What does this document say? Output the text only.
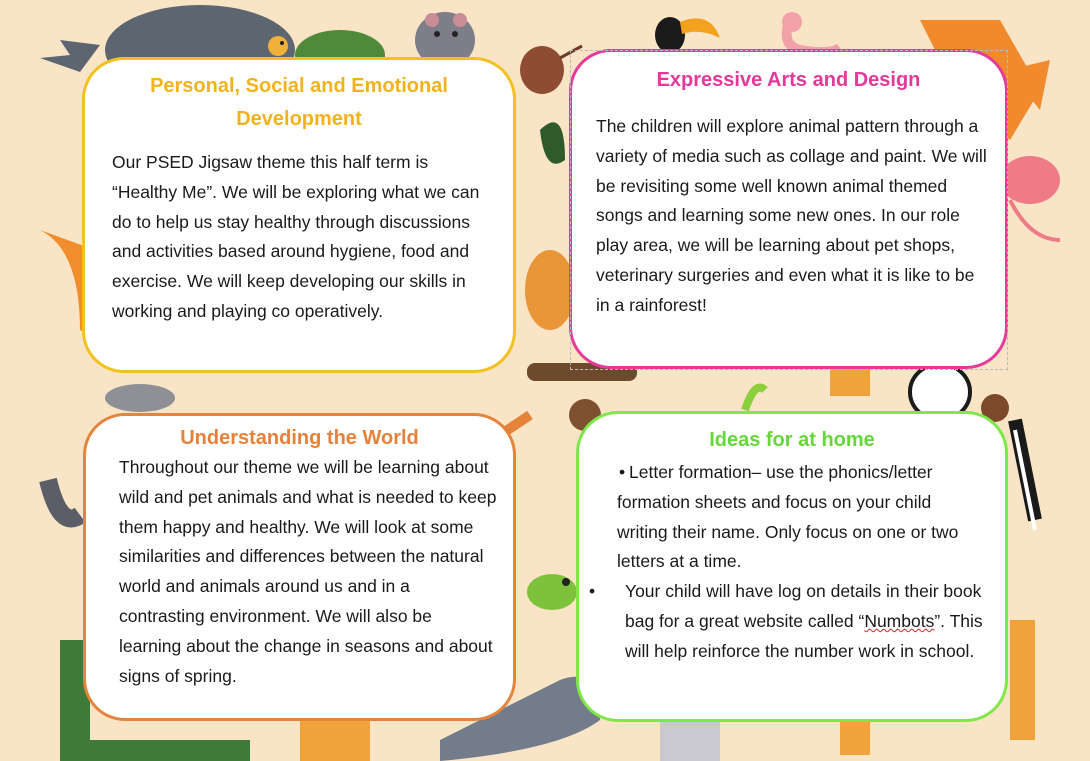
Personal, Social and Emotional Development

Our PSED Jigsaw theme this half term is “Healthy Me”. We will be exploring what we can do to help us stay healthy through discussions and activities based around hygiene, food and exercise. We will keep developing our skills in working and playing co operatively.

Expressive Arts and Design

The children will explore animal pattern through a variety of media such as collage and paint. We will be revisiting some well known animal themed songs and learning some new ones. In our role play area, we will be learning about pet shops, veterinary surgeries and even what it is like to be in a rainforest!

Understanding the World

Throughout our theme we will be learning about wild and pet animals and what is needed to keep them happy and healthy. We will look at some similarities and differences between the natural world and animals around us and in a contrasting environment. We will also be learning about the change in seasons and about signs of spring.

Ideas for at home
• Letter formation– use the phonics/letter formation sheets and focus on your child writing their name. Only focus on one or two letters at a time.
• Your child will have log on details in their book bag for a great website called “Numbots”. This will help reinforce the number work in school.
